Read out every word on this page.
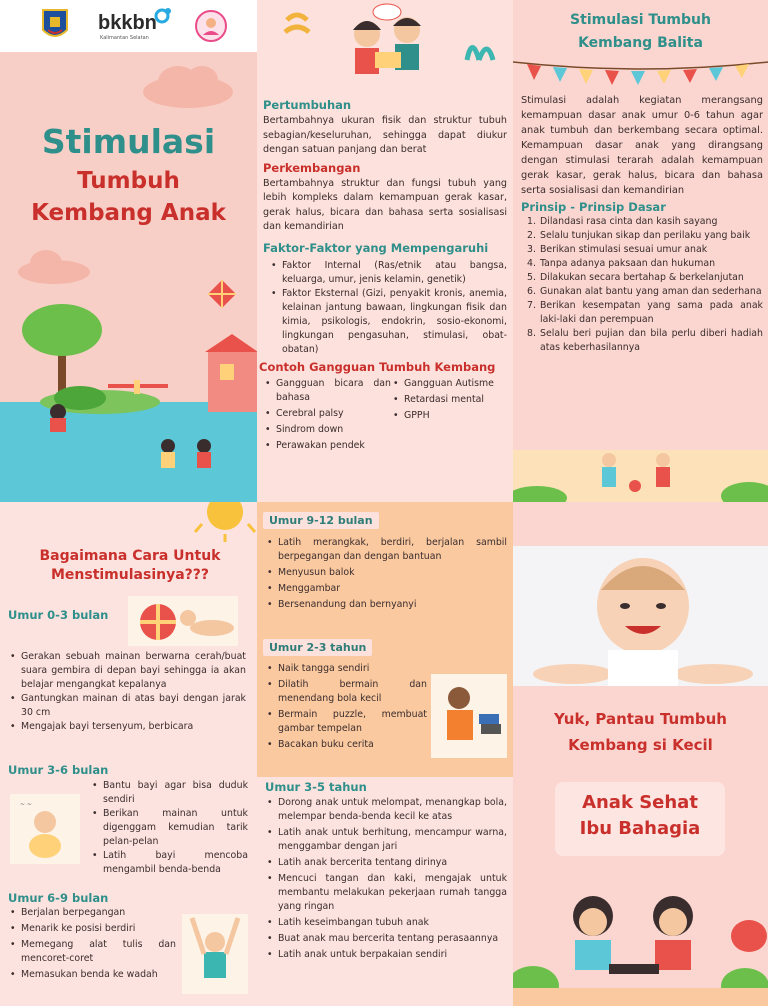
bkkbn
Kalimantan Selatan
Stimulasi
Tumbuh
Kembang Anak
Pertumbuhan
Bertambahnya ukuran fisik dan struktur tubuh sebagian/keseluruhan, sehingga dapat diukur dengan satuan panjang dan berat
Perkembangan
Bertambahnya struktur dan fungsi tubuh yang lebih kompleks dalam kemampuan gerak kasar, gerak halus, bicara dan bahasa serta sosialisasi dan kemandirian
Faktor-Faktor yang Mempengaruhi
• Faktor Internal (Ras/etnik atau bangsa, keluarga, umur, jenis kelamin, genetik)
• Faktor Eksternal (Gizi, penyakit kronis, anemia, kelainan jantung bawaan, lingkungan fisik dan kimia, psikologis, endokrin, sosio-ekonomi, lingkungan pengasuhan, stimulasi, obat-obatan)
Contoh Gangguan Tumbuh Kembang
• Gangguan bicara dan bahasa
• Cerebral palsy
• Sindrom down
• Perawakan pendek
• Gangguan Autisme
• Retardasi mental
• GPPH
Stimulasi Tumbuh
Kembang Balita
Stimulasi adalah kegiatan merangsang kemampuan dasar anak umur 0-6 tahun agar anak tumbuh dan berkembang secara optimal. Kemampuan dasar anak yang dirangsang dengan stimulasi terarah adalah kemampuan gerak kasar, gerak halus, bicara dan bahasa serta sosialisasi dan kemandirian
Prinsip - Prinsip Dasar
1. Dilandasi rasa cinta dan kasih sayang
2. Selalu tunjukan sikap dan perilaku yang baik
3. Berikan stimulasi sesuai umur anak
4. Tanpa adanya paksaan dan hukuman
5. Dilakukan secara bertahap & berkelanjutan
6. Gunakan alat bantu yang aman dan sederhana
7. Berikan kesempatan yang sama pada anak laki-laki dan perempuan
8. Selalu beri pujian dan bila perlu diberi hadiah atas keberhasilannya
Bagaimana Cara Untuk Menstimulasinya???
Umur 0-3 bulan
• Gerakan sebuah mainan berwarna cerah/buat suara gembira di depan bayi sehingga ia akan belajar mengangkat kepalanya
• Gantungkan mainan di atas bayi dengan jarak 30 cm
• Mengajak bayi tersenyum, berbicara
Umur 3-6 bulan
~ ~
• Bantu bayi agar bisa duduk sendiri
• Berikan mainan untuk digenggam kemudian tarik pelan-pelan
• Latih bayi mencoba mengambil benda-benda
Umur 6-9 bulan
• Berjalan berpegangan
• Menarik ke posisi berdiri
• Memegang alat tulis dan mencoret-coret
• Memasukan benda ke wadah
Umur 9-12 bulan
• Latih merangkak, berdiri, berjalan sambil berpegangan dan dengan bantuan
• Menyusun balok
• Menggambar
• Bersenandung dan bernyanyi
Umur 2-3 tahun
• Naik tangga sendiri
• Dilatih bermain dan menendang bola kecil
• Bermain puzzle, membuat gambar tempelan
• Bacakan buku cerita
Umur 3-5 tahun
• Dorong anak untuk melompat, menangkap bola, melempar benda-benda kecil ke atas
• Latih anak untuk berhitung, mencampur warna, menggambar dengan jari
• Latih anak bercerita tentang dirinya
• Mencuci tangan dan kaki, mengajak untuk membantu melakukan pekerjaan rumah tangga yang ringan
• Latih keseimbangan tubuh anak
• Buat anak mau bercerita tentang perasaannya
• Latih anak untuk berpakaian sendiri
Yuk, Pantau Tumbuh
Kembang si Kecil
Anak Sehat
Ibu Bahagia
